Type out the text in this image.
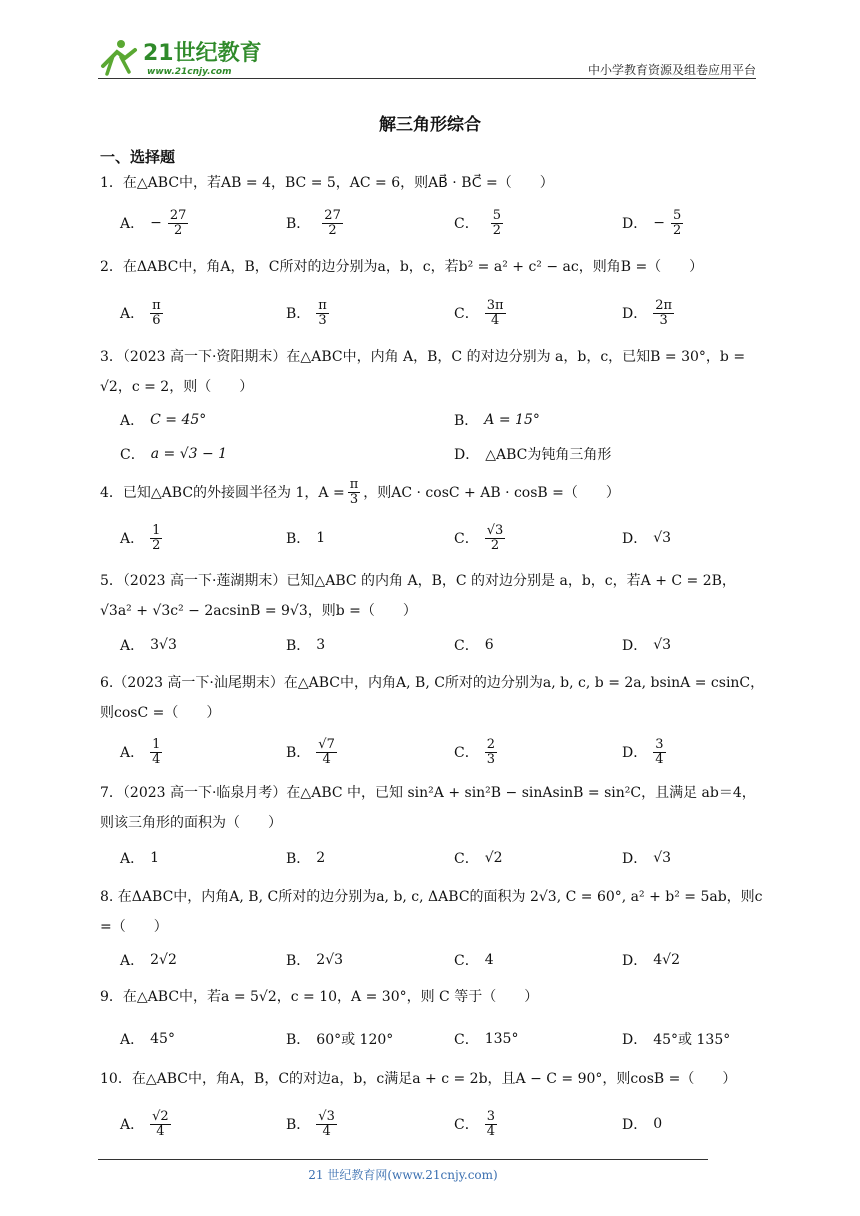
21世纪教育
www.21cnjy.com	中小学教育资源及组卷应用平台
解三角形综合
一、选择题
1．在△ABC中，若AB = 4，BC = 5，AC = 6，则AB⃗ · BC⃗ =（　　）
A． − $\frac{27}{2}$	B． $\frac{27}{2}$	C． $\frac{5}{2}$	D． − $\frac{5}{2}$
2．在ΔABC中，角A，B，C所对的边分别为a，b，c，若b² = a² + c² − ac，则角B =（　　）
A． $\frac{\pi}{6}$	B． $\frac{\pi}{3}$	C． $\frac{3\pi}{4}$	D． $\frac{2\pi}{3}$
3．（2023 高一下·资阳期末）在△ABC中，内角 A，B，C 的对边分别为 a，b，c，已知B = 30°，b = √2，c = 2，则（　　）
A． C = 45°	B． A = 15°
C． a = √3 − 1	D． △ABC为钝角三角形
4．已知△ABC的外接圆半径为 1，$A = \frac{\pi}{3}$ ，则AC · cosC + AB · cosB =（　　）
A． $\frac{1}{2}$	B． 1	C． $\frac{√3}{2}$	D． √3
5．（2023 高一下·莲湖期末）已知△ABC 的内角 A，B，C 的对边分别是 a，b，c，若A + C = 2B，√3a² + √3c² − 2acsinB = 9√3，则b =（　　）
A． 3√3	B． 3	C． 6	D． √3
6.（2023 高一下·汕尾期末）在△ABC中，内角A, B, C所对的边分别为a, b, c, b = 2a, bsinA = csinC，则cosC =（　　）
A． $\frac{1}{4}$	B． $\frac{√7}{4}$	C． $\frac{2}{3}$	D． $\frac{3}{4}$
7．（2023 高一下·临泉月考）在△ABC 中，已知 sin²A + sin²B − sinAsinB = sin²C，且满足 ab＝4，则该三角形的面积为（　　）
A． 1	B． 2	C． √2	D． √3
8. 在ΔABC中，内角A, B, C所对的边分别为a, b, c, ΔABC的面积为 2√3, C = 60°, a² + b² = 5ab，则c =（　　）
A． 2√2	B． 2√3	C． 4	D． 4√2
9．在△ABC中，若a = 5√2，c = 10，A = 30°，则 C 等于（　　）
A． 45°	B． 60°或 120°	C． 135°	D． 45°或 135°
10．在△ABC中，角A，B，C的对边a，b，c满足a + c = 2b，且A − C = 90°，则cosB =（　　）
A． $\frac{√2}{4}$	B． $\frac{√3}{4}$	C． $\frac{3}{4}$	D． 0
21 世纪教育网(www.21cnjy.com)
